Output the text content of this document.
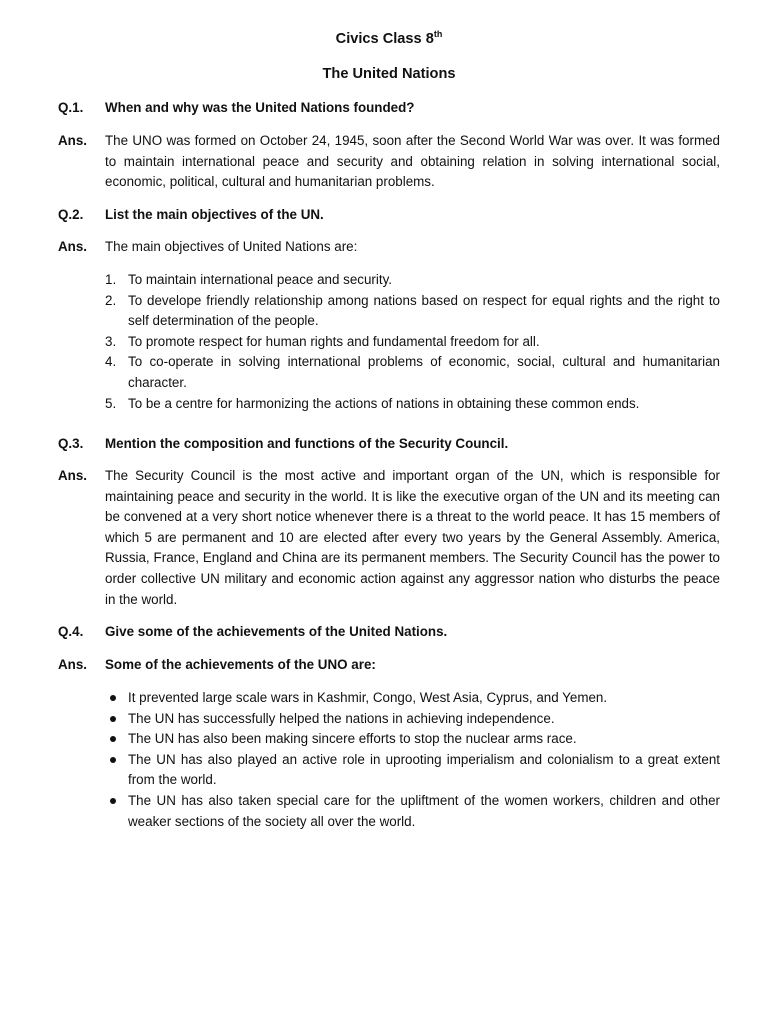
Civics Class 8th
The United Nations
Q.1.	When and why was the United Nations founded?
Ans.	The UNO was formed on October 24, 1945, soon after the Second World War was over. It was formed to maintain international peace and security and obtaining relation in solving international social, economic, political, cultural and humanitarian problems.
Q.2.	List the main objectives of the UN.
Ans.	The main objectives of United Nations are:
1. To maintain international peace and security.
2. To develope friendly relationship among nations based on respect for equal rights and the right to self determination of the people.
3. To promote respect for human rights and fundamental freedom for all.
4. To co-operate in solving international problems of economic, social, cultural and humanitarian character.
5. To be a centre for harmonizing the actions of nations in obtaining these common ends.
Q.3.	Mention the composition and functions of the Security Council.
Ans.	The Security Council is the most active and important organ of the UN, which is responsible for maintaining peace and security in the world. It is like the executive organ of the UN and its meeting can be convened at a very short notice whenever there is a threat to the world peace. It has 15 members of which 5 are permanent and 10 are elected after every two years by the General Assembly. America, Russia, France, England and China are its permanent members. The Security Council has the power to order collective UN military and economic action against any aggressor nation who disturbs the peace in the world.
Q.4.	Give some of the achievements of the United Nations.
Ans.	Some of the achievements of the UNO are:
It prevented large scale wars in Kashmir, Congo, West Asia, Cyprus, and Yemen.
The UN has successfully helped the nations in achieving independence.
The UN has also been making sincere efforts to stop the nuclear arms race.
The UN has also played an active role in uprooting imperialism and colonialism to a great extent from the world.
The UN has also taken special care for the upliftment of the women workers, children and other weaker sections of the society all over the world.
